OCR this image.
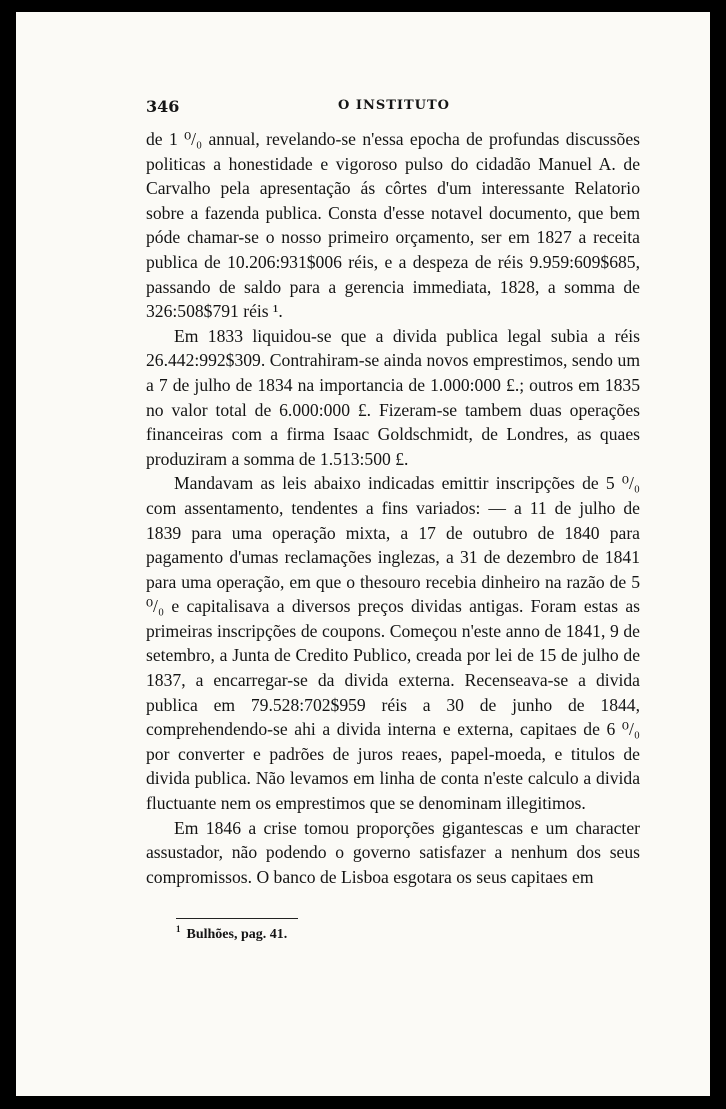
346	O INSTITUTO

de 1 ⁰/₀ annual, revelando-se n'essa epocha de profundas discussões politicas a honestidade e vigoroso pulso do cidadão Manuel A. de Carvalho pela apresentação ás côrtes d'um interessante Relatorio sobre a fazenda publica. Consta d'esse notavel documento, que bem póde chamar-se o nosso primeiro orçamento, ser em 1827 a receita publica de 10.206:931$006 réis, e a despeza de réis 9.959:609$685, passando de saldo para a gerencia immediata, 1828, a somma de 326:508$791 réis ¹.

Em 1833 liquidou-se que a divida publica legal subia a réis 26.442:992$309. Contrahiram-se ainda novos emprestimos, sendo um a 7 de julho de 1834 na importancia de 1.000:000 £.; outros em 1835 no valor total de 6.000:000 £. Fizeram-se tambem duas operações financeiras com a firma Isaac Goldschmidt, de Londres, as quaes produziram a somma de 1.513:500 £.

Mandavam as leis abaixo indicadas emittir inscripções de 5 ⁰/₀ com assentamento, tendentes a fins variados: — a 11 de julho de 1839 para uma operação mixta, a 17 de outubro de 1840 para pagamento d'umas reclamações inglezas, a 31 de dezembro de 1841 para uma operação, em que o thesouro recebia dinheiro na razão de 5 ⁰/₀ e capitalisava a diversos preços dividas antigas. Foram estas as primeiras inscripções de coupons. Começou n'este anno de 1841, 9 de setembro, a Junta de Credito Publico, creada por lei de 15 de julho de 1837, a encarregar-se da divida externa. Recenseava-se a divida publica em 79.528:702$959 réis a 30 de junho de 1844, comprehendendo-se ahi a divida interna e externa, capitaes de 6 ⁰/₀ por converter e padrões de juros reaes, papel-moeda, e titulos de divida publica. Não levamos em linha de conta n'este calculo a divida fluctuante nem os emprestimos que se denominam illegitimos.

Em 1846 a crise tomou proporções gigantescas e um character assustador, não podendo o governo satisfazer a nenhum dos seus compromissos. O banco de Lisboa esgotara os seus capitaes em

$^1$ Bulhões, pag. 41.
